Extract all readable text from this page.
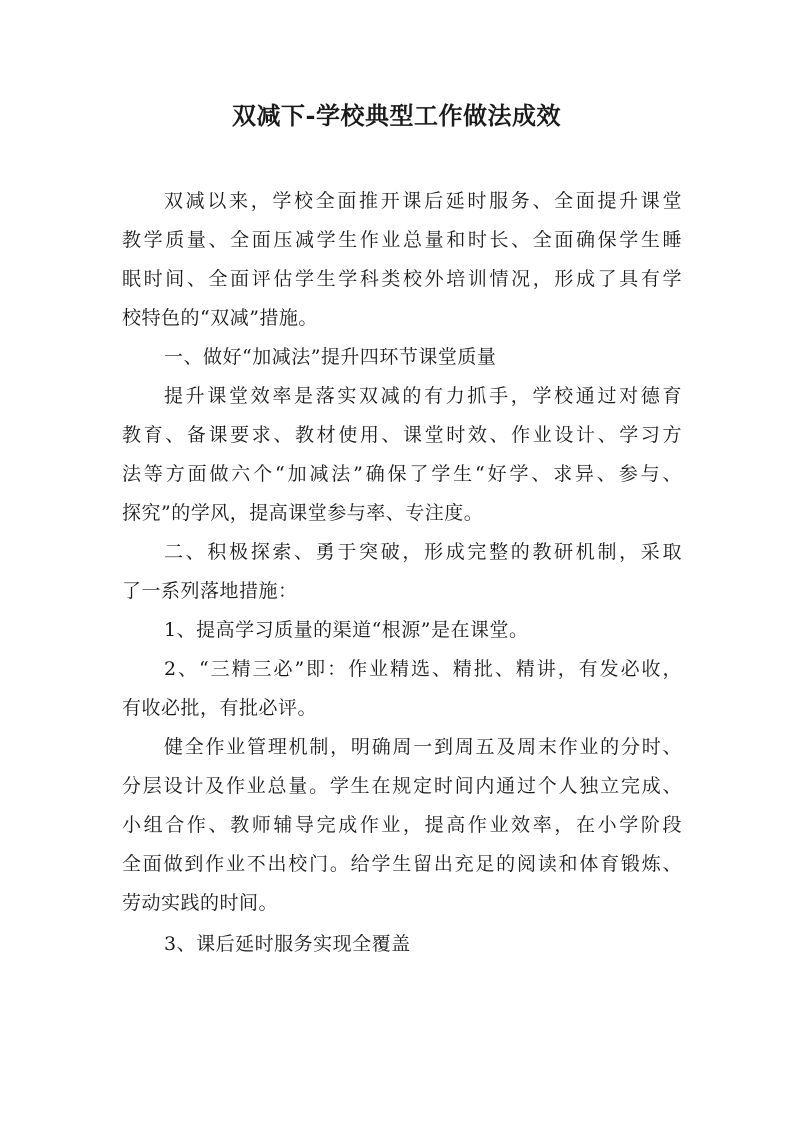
双减下-学校典型工作做法成效
双减以来，学校全面推开课后延时服务、全面提升课堂
教学质量、全面压减学生作业总量和时长、全面确保学生睡
眠时间、全面评估学生学科类校外培训情况，形成了具有学
校特色的“双减”措施。
一、做好“加减法”提升四环节课堂质量
提升课堂效率是落实双减的有力抓手，学校通过对德育
教育、备课要求、教材使用、课堂时效、作业设计、学习方
法等方面做六个“加减法”确保了学生“好学、求异、参与、
探究”的学风，提高课堂参与率、专注度。
二、积极探索、勇于突破，形成完整的教研机制，采取
了一系列落地措施：
1、提高学习质量的渠道“根源”是在课堂。
2、“三精三必”即：作业精选、精批、精讲，有发必收，
有收必批，有批必评。
健全作业管理机制，明确周一到周五及周末作业的分时、
分层设计及作业总量。学生在规定时间内通过个人独立完成、
小组合作、教师辅导完成作业，提高作业效率，在小学阶段
全面做到作业不出校门。给学生留出充足的阅读和体育锻炼、
劳动实践的时间。
3、课后延时服务实现全覆盖
